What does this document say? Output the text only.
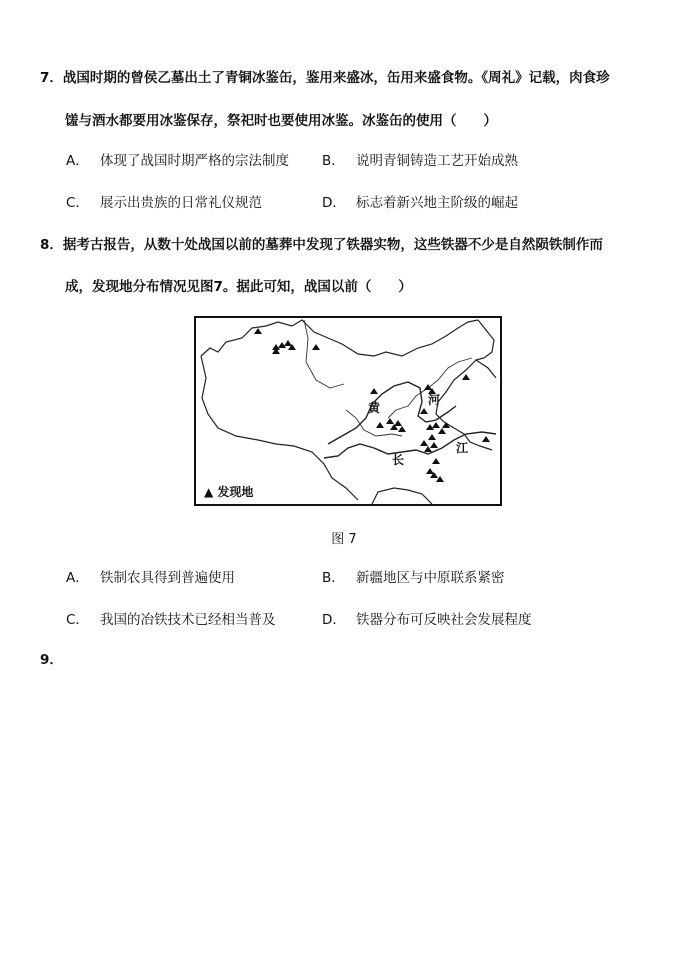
7．战国时期的曾侯乙墓出土了青铜冰鉴缶，鉴用来盛冰，缶用来盛食物。《周礼》记载，肉食珍
馐与酒水都要用冰鉴保存，祭祀时也要使用冰鉴。冰鉴缶的使用（　　）
A． 体现了战国时期严格的宗法制度 B． 说明青铜铸造工艺开始成熟
C． 展示出贵族的日常礼仪规范	D． 标志着新兴地主阶级的崛起
8．据考古报告，从数十处战国以前的墓葬中发现了铁器实物，这些铁器不少是自然陨铁制作而
成，发现地分布情况见图7。据此可知，战国以前（　　）
黄
河
长
江
▲ 发现地
图 7
A． 铁制农具得到普遍使用	B． 新疆地区与中原联系紧密
C． 我国的冶铁技术已经相当普及	D． 铁器分布可反映社会发展程度
9．
